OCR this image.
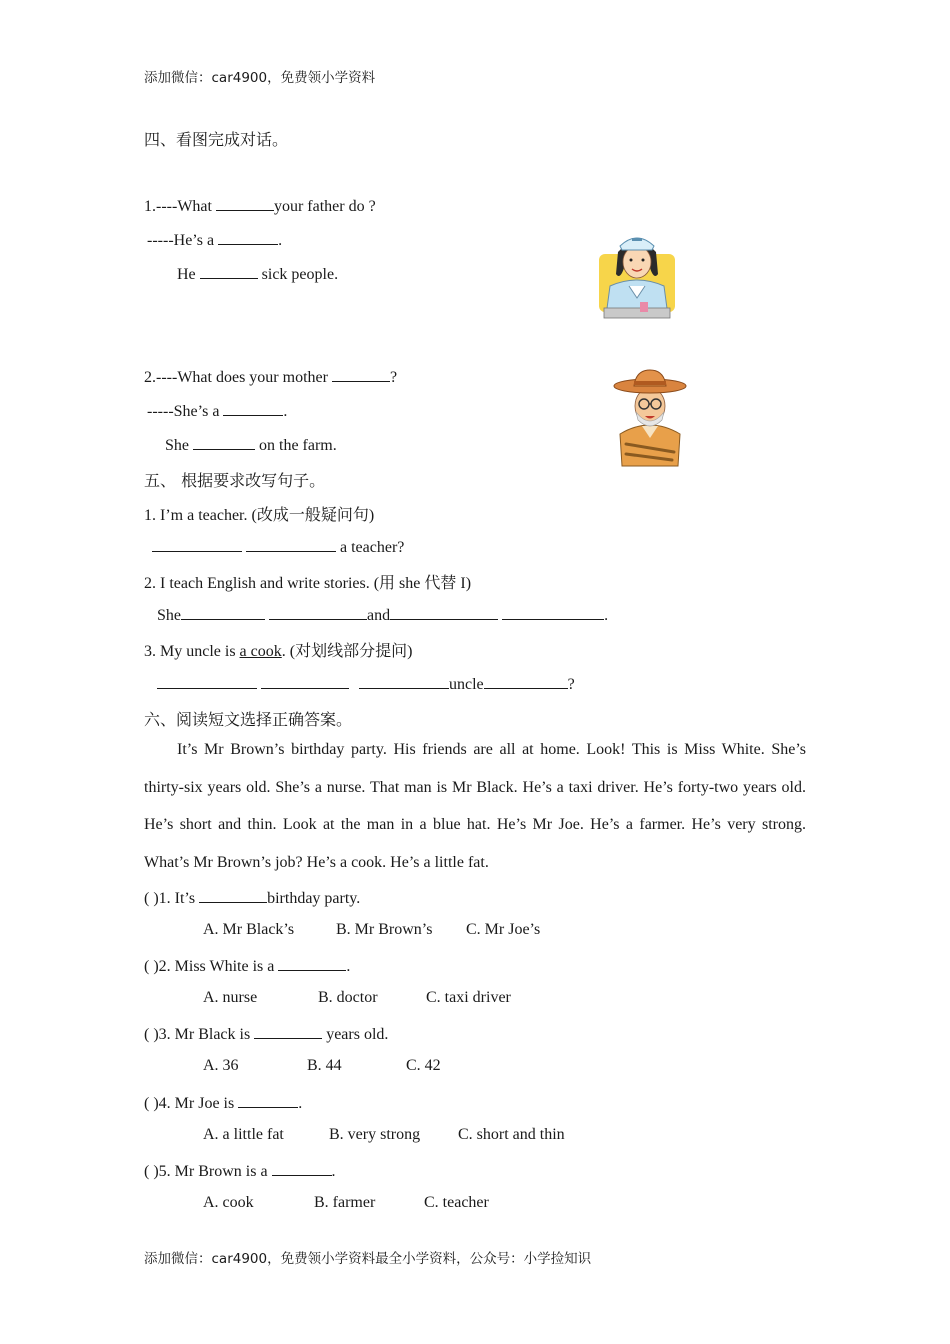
添加微信：car4900，免费领小学资料
四、看图完成对话。
1.----What	your father do ?
-----He’s a	.
He	sick people.
2.----What does your mother	?
-----She’s a	.
She	on the farm.
五、 根据要求改写句子。
1. I’m a teacher. (改成一般疑问句)
a teacher?
2. I teach English and write stories. (用 she 代替 I)
She	and	.
3. My uncle is a cook. (对划线部分提问)
uncle	?
六、阅读短文选择正确答案。
It’s Mr Brown’s birthday party. His friends are all at home. Look! This is Miss White. She’s thirty-six years old. She’s a nurse. That man is Mr Black. He’s a taxi driver. He’s forty-two years old. He’s short and thin. Look at the man in a blue hat. He’s Mr Joe. He’s a farmer. He’s very strong. What’s Mr Brown’s job? He’s a cook. He’s a little fat.
( )1. It’s	birthday party.
A. Mr Black’s	B. Mr Brown’s C. Mr Joe’s
( )2. Miss White is a	.
A. nurse	B. doctor	C. taxi driver
( )3. Mr Black is	years old.
A. 36	B. 44	C. 42
( )4. Mr Joe is	.
A. a little fat	B. very strong C. short and thin
( )5. Mr Brown is a	.
A. cook	B. farmer	C. teacher
添加微信：car4900，免费领小学资料最全小学资料，公众号：小学捡知识
